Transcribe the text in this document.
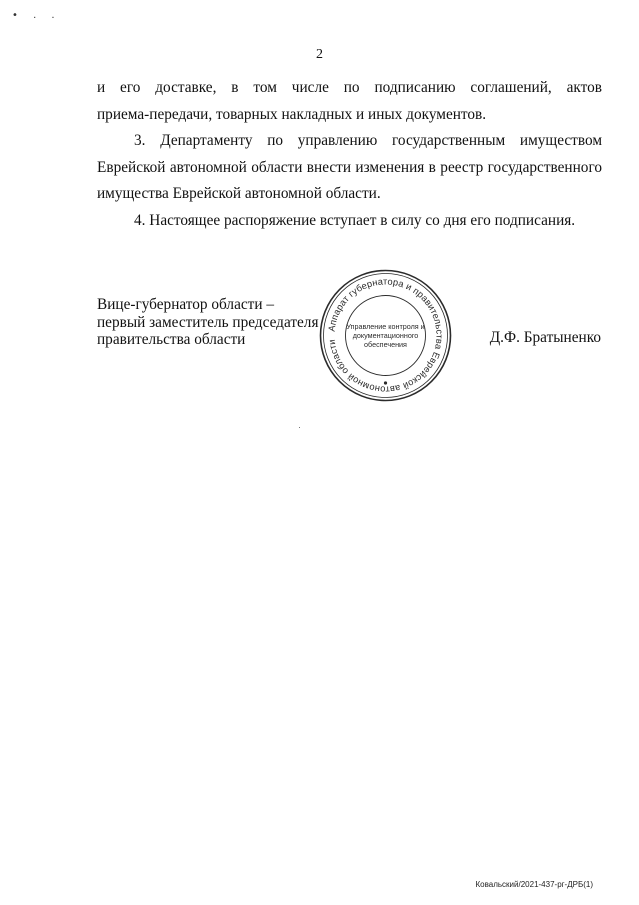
• . .
2
и его доставке, в том числе по подписанию соглашений, актов
приема-передачи, товарных накладных и иных документов.
3. Департаменту по управлению государственным имуществом
Еврейской автономной области внести изменения в реестр государственного
имущества Еврейской автономной области.
4. Настоящее распоряжение вступает в силу со дня его подписания.
Вице-губернатор области –
первый заместитель председателя
правительства области
Аппарат губернатора и правительства Еврейской автономной области
Управление контроля и
документационного
обеспечения	Д.Ф. Братыненко
Ковальский/2021-437-рг-ДРБ(1)
